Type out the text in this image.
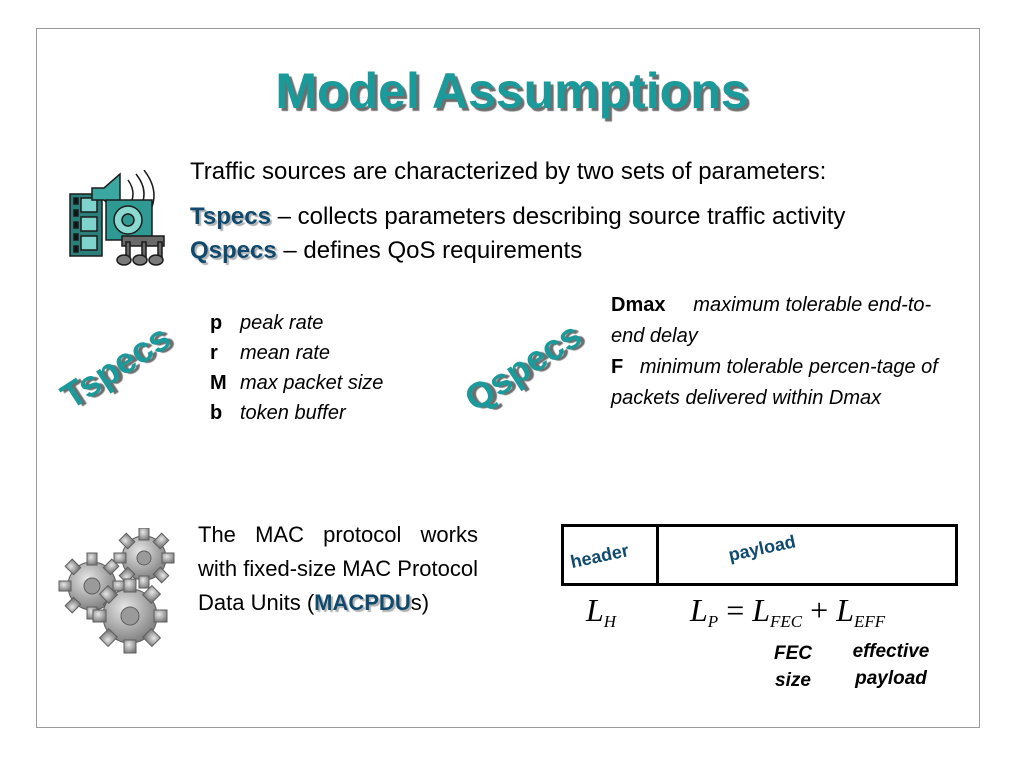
Model Assumptions
Traffic sources are characterized by two sets of parameters:
Tspecs – collects parameters describing source traffic activity
Qspecs – defines QoS requirements
Tspecs p peak rate
r mean rate
M max packet size
b token buffer	Qspecs
Dmax maximum tolerable end-to-end delay
F minimum tolerable percen-tage of packets delivered within Dmax
The MAC protocol works with fixed-size MAC Protocol Data Units (MACPDUs)
header	payload
$L_H$ $L_P = L_{FEC} + L_{EFF}$
FEC size
effective payload
